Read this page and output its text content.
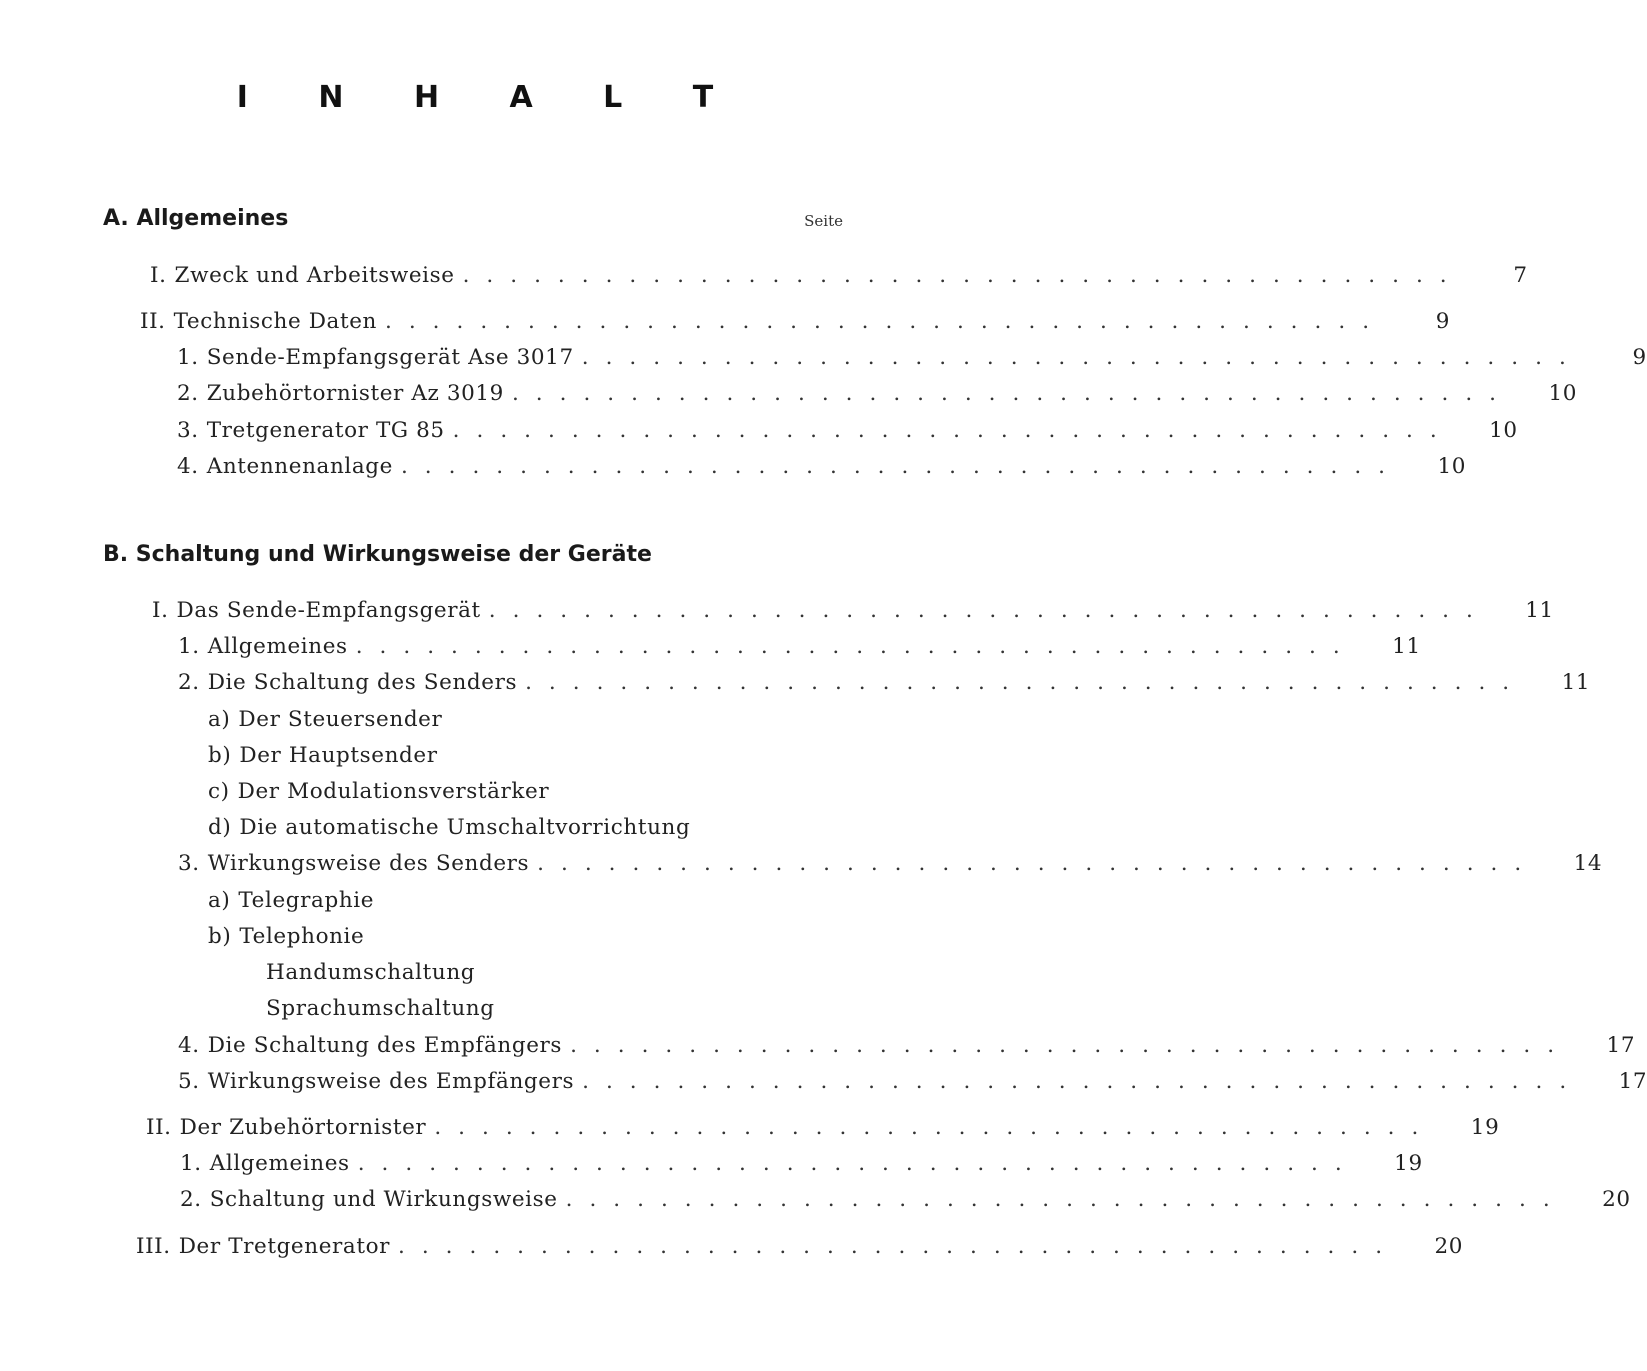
I N H A L T
A. Allgemeines	Seite
B. Schaltung und Wirkungsweise der Geräte
I. Zweck und Arbeitsweise ..........................................	7
II. Technische Daten ..........................................	9
1. Sende-Empfangsgerät Ase 3017 ..........................................	9
2. Zubehörtornister Az 3019 ..........................................	10
3. Tretgenerator TG 85 ..........................................	10
4. Antennenanlage ..........................................	10
I. Das Sende-Empfangsgerät ..........................................	11
1. Allgemeines ..........................................	11
2. Die Schaltung des Senders ..........................................	11
a) Der Steuersender
b) Der Hauptsender
c) Der Modulationsverstärker
d) Die automatische Umschaltvorrichtung
3. Wirkungsweise des Senders ..........................................	14
a) Telegraphie
b) Telephonie
Handumschaltung
Sprachumschaltung
4. Die Schaltung des Empfängers ..........................................	17
5. Wirkungsweise des Empfängers ..........................................	17
II. Der Zubehörtornister ..........................................	19
1. Allgemeines ..........................................	19
2. Schaltung und Wirkungsweise ..........................................	20
III. Der Tretgenerator ..........................................	20
